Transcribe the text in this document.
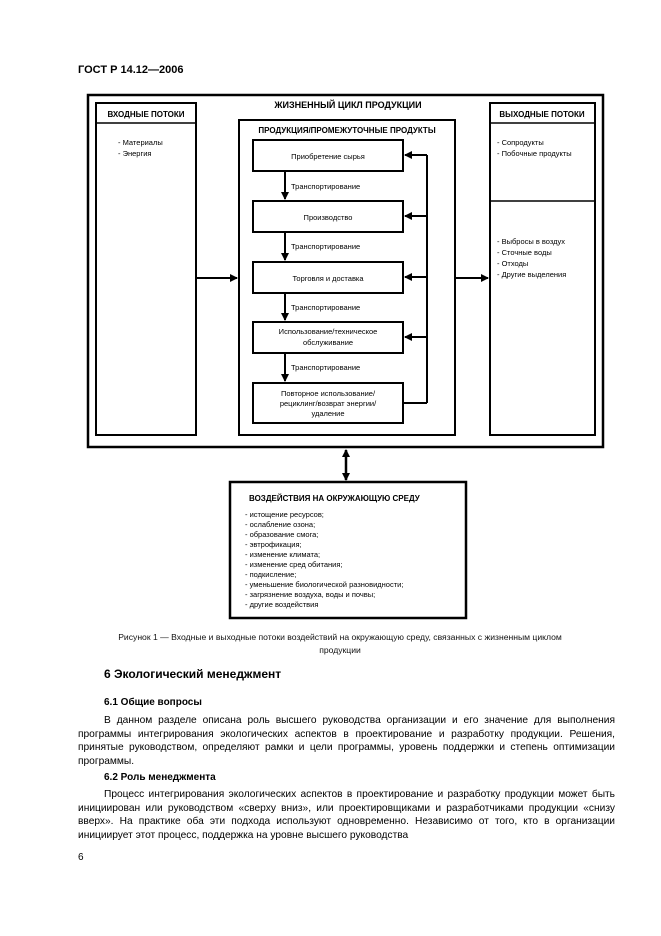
ГОСТ Р 14.12—2006
ЖИЗНЕННЫЙ ЦИКЛ ПРОДУКЦИИ
ВХОДНЫЕ ПОТОКИ
- Материалы
- Энергия
ПРОДУКЦИЯ/ПРОМЕЖУТОЧНЫЕ ПРОДУКТЫ
Приобретение сырья
Производство
Торговля и доставка
Использование/техническое
обслуживание
Повторное использование/
рециклинг/возврат энергии/
удаление
Транспортирование
Транспортирование
Транспортирование
Транспортирование
ВЫХОДНЫЕ ПОТОКИ
- Сопродукты
- Побочные продукты
- Выбросы в воздух
- Сточные воды
- Отходы
- Другие выделения
ВОЗДЕЙСТВИЯ НА ОКРУЖАЮЩУЮ СРЕДУ
- истощение ресурсов;
- ослабление озона;
- образование смога;
- эвтрофикация;
- изменение климата;
- изменение сред обитания;
- подкисление;
- уменьшение биологической разновидности;
- загрязнение воздуха, воды и почвы;
- другие воздействия
Рисунок 1 — Входные и выходные потоки воздействий на окружающую среду, связанных с жизненным циклом
продукции
6 Экологический менеджмент
6.1 Общие вопросы
В данном разделе описана роль высшего руководства организации и его значение для выполнения программы интегрирования экологических аспектов в проектирование и разработку продукции. Решения, принятые руководством, определяют рамки и цели программы, уровень поддержки и степень оптимизации программы.
6.2 Роль менеджмента
Процесс интегрирования экологических аспектов в проектирование и разработку продукции может быть инициирован или руководством «сверху вниз», или проектировщиками и разработчиками продукции «снизу вверх». На практике оба эти подхода используют одновременно. Независимо от того, кто в организации инициирует этот процесс, поддержка на уровне высшего руководства
6
